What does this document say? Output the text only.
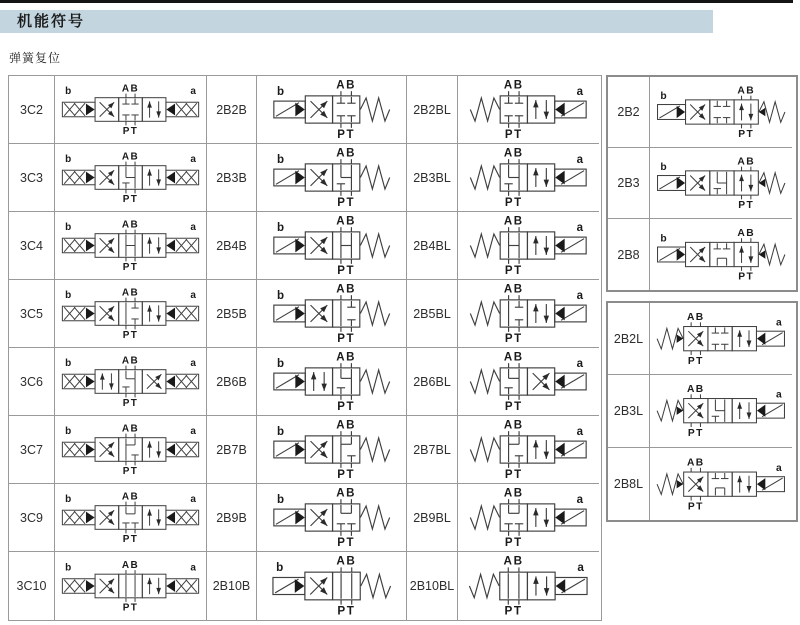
机能符号
弹簧复位
3C2
AB
PT
b	a
2B2B
AB
PT
b
2B2BL
AB
PT
a
3C3
AB
PT
b	a
2B3B
AB
PT
b
2B3BL
AB
PT
a
3C4
AB
PT
b	a
2B4B
AB
PT
b
2B4BL
AB
PT
a
3C5
AB
PT
b	a
2B5B
AB
PT
b
2B5BL
AB
PT
a
3C6
AB
PT
b	a
2B6B
AB
PT
b
2B6BL
AB
PT
a
3C7
AB
PT
b	a
2B7B
AB
PT
b
2B7BL
AB
PT
a
3C9
AB
PT
b	a
2B9B
AB
PT
b
2B9BL
AB
PT
a
3C10
AB
PT
b	a
2B10B
AB
PT
b
2B10BL
AB
PT
a
2B2
AB
PT
b
2B3
AB
PT
b
2B8
AB
PT
b
2B2L
AB
PT
a
2B3L
AB
PT
a
2B8L
AB
PT
a
